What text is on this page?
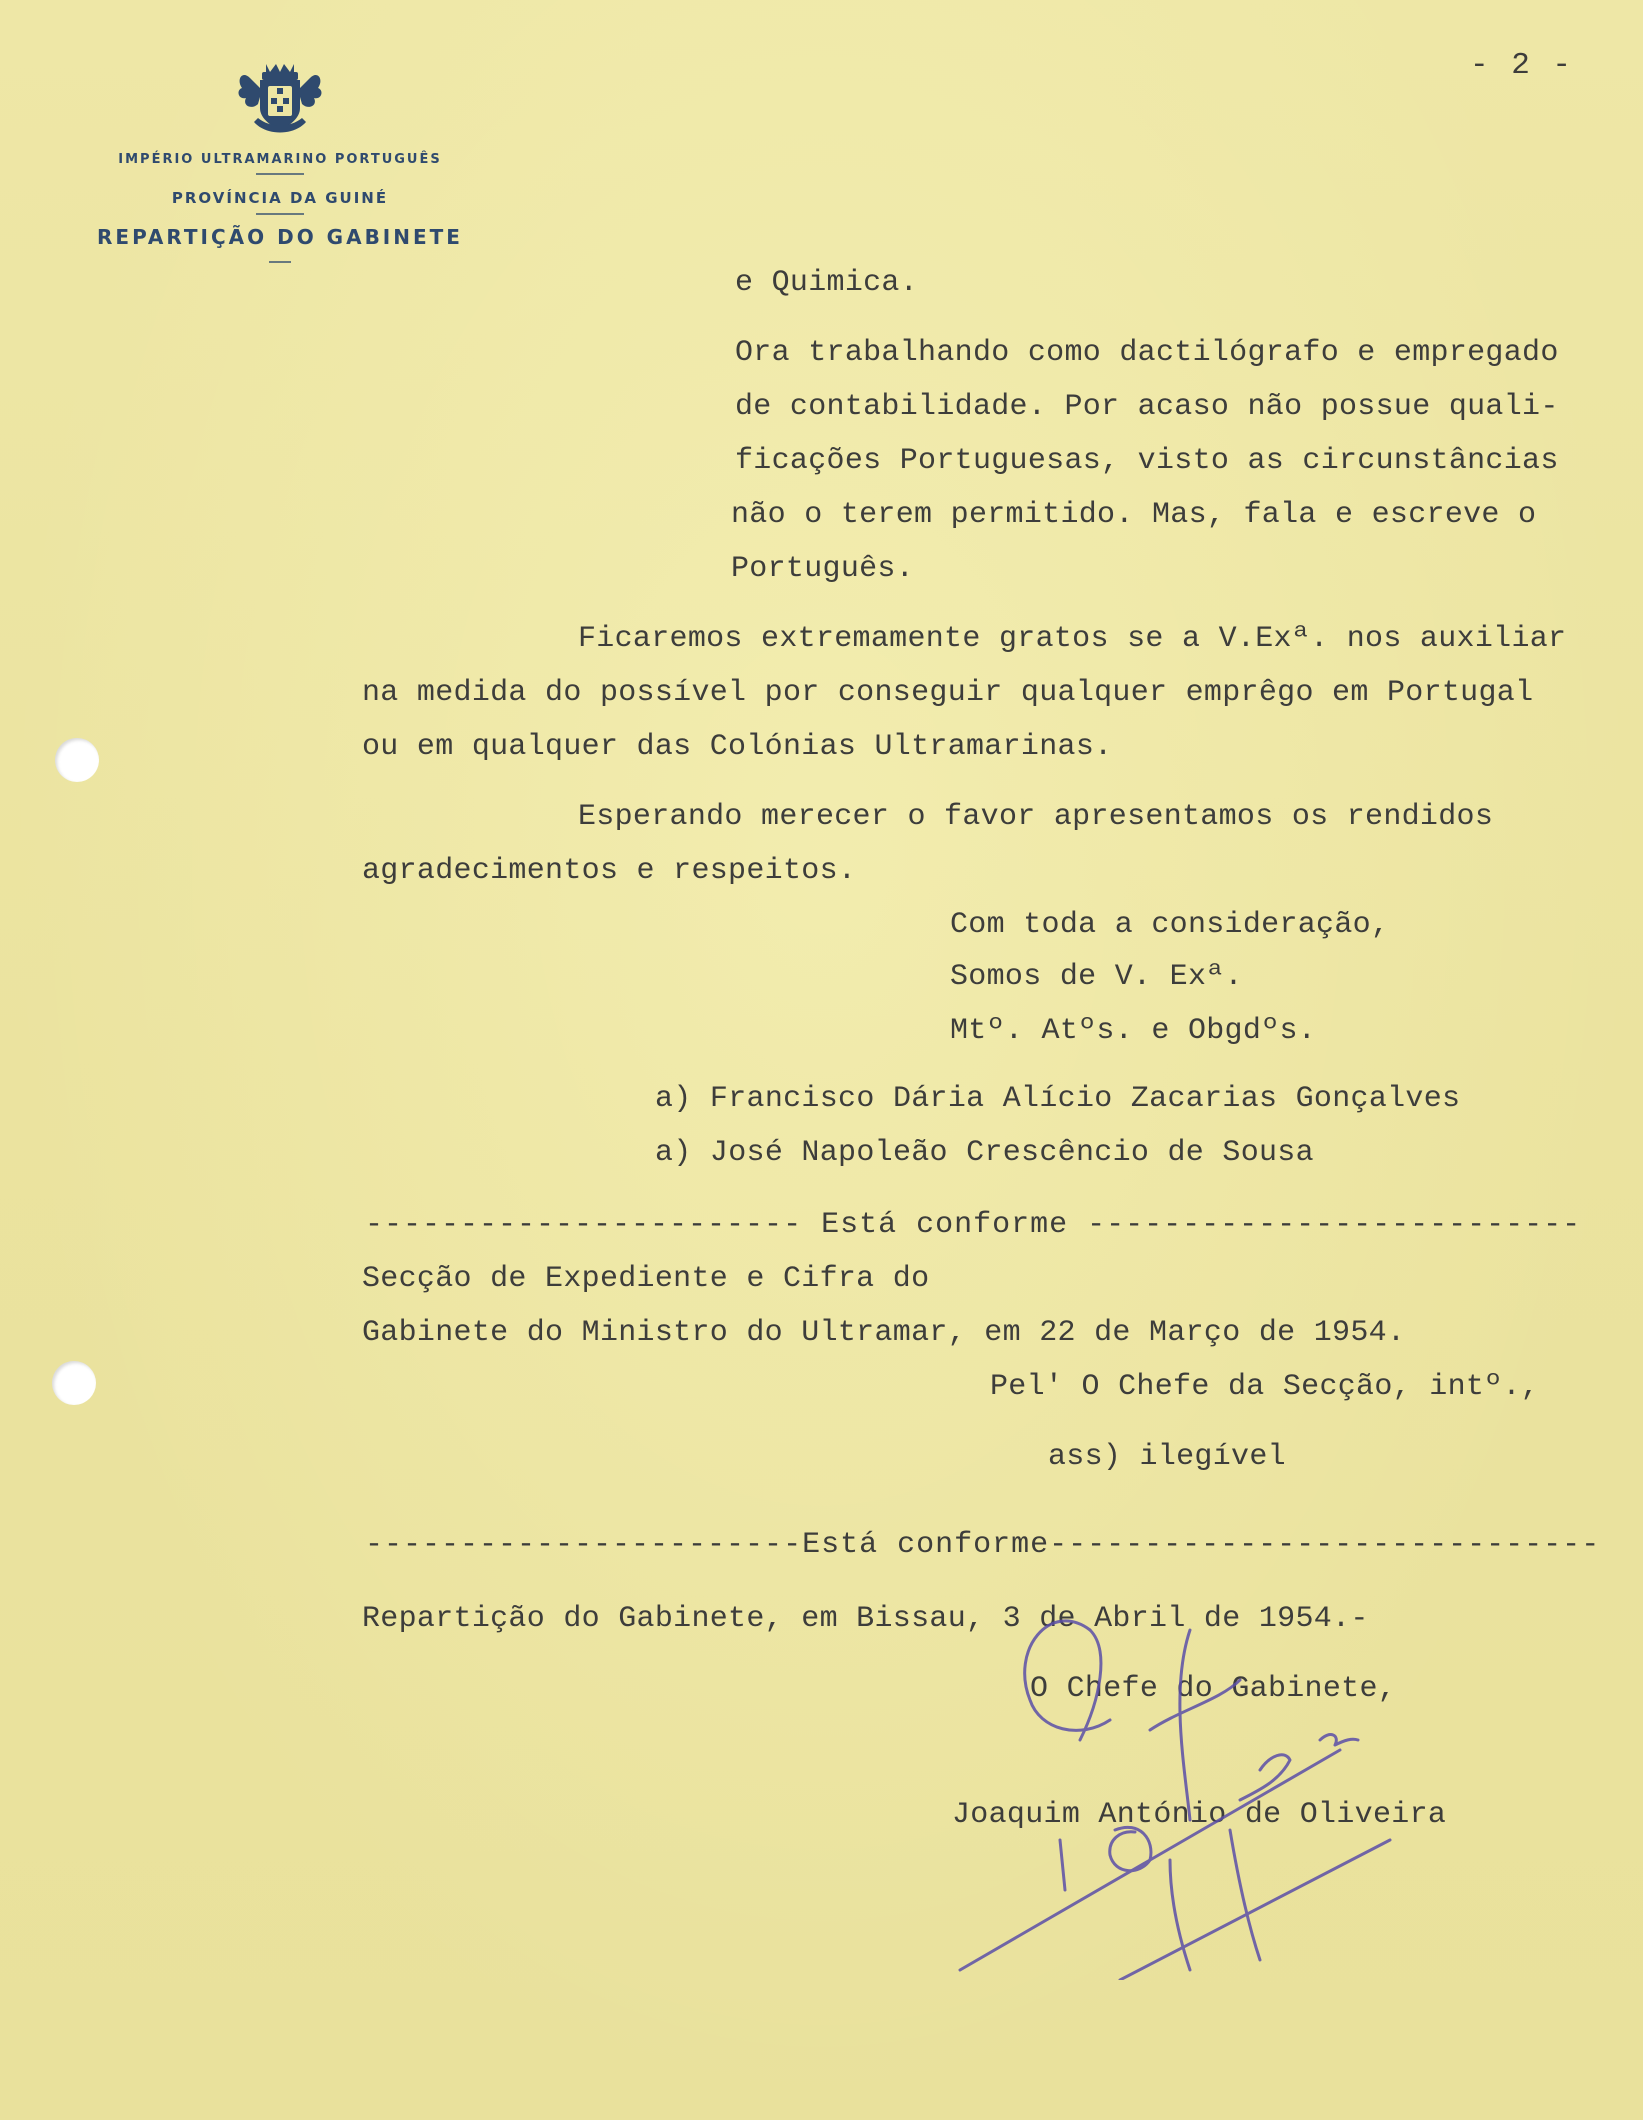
- 2 -
IMPÉRIO ULTRAMARINO PORTUGUÊS
PROVÍNCIA DA GUINÉ
REPARTIÇÃO DO GABINETE
e Quimica.
Ora trabalhando como dactilógrafo e empregado
de contabilidade. Por acaso não possue quali-
ficações Portuguesas, visto as circunstâncias
não o terem permitido. Mas, fala e escreve o
Português.
Ficaremos extremamente gratos se a V.Exª. nos auxiliar
na medida do possível por conseguir qualquer emprêgo em Portugal
ou em qualquer das Colónias Ultramarinas.
Esperando merecer o favor apresentamos os rendidos
agradecimentos e respeitos.
Com toda a consideração,
Somos de V. Exª.
Mtº. Atºs. e Obgdºs.
a) Francisco Dária Alício Zacarias Gonçalves
a) José Napoleão Crescêncio de Sousa
----------------------- Está conforme --------------------------
Secção de Expediente e Cifra do
Gabinete do Ministro do Ultramar, em 22 de Março de 1954.
Pel' O Chefe da Secção, intº.,
ass) ilegível
-----------------------Está conforme-----------------------------
Repartição do Gabinete, em Bissau, 3 de Abril de 1954.-
O Chefe do Gabinete,
Joaquim António de Oliveira
